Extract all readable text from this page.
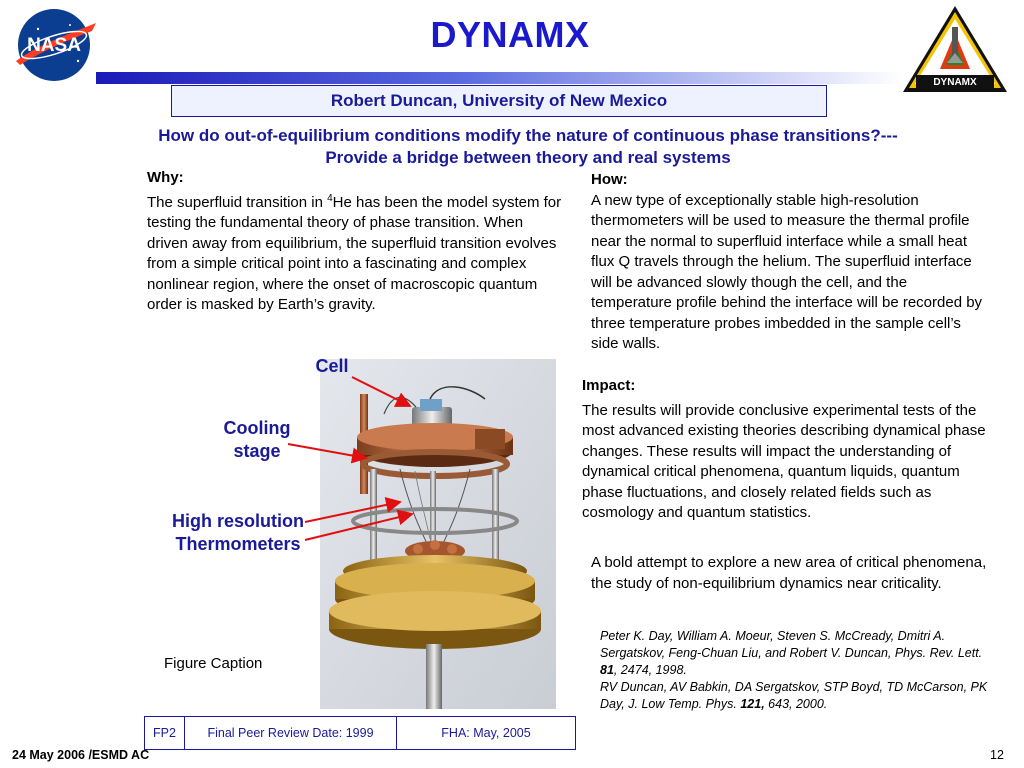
NASA
DYNAMX
DYNAMX
Robert Duncan, University of New Mexico
How do out-of-equilibrium conditions modify the nature of continuous phase transitions?--- Provide a bridge between theory and real systems
Why:
The superfluid transition in $^4$He has been the model system for testing the fundamental theory of phase transition. When driven away from equilibrium, the superfluid transition evolves from a simple critical point into a fascinating and complex nonlinear region, where the onset of macroscopic quantum order is masked by Earth’s gravity.
How:
A new type of exceptionally stable high-resolution thermometers will be used to measure the thermal profile near the normal to superfluid interface while a small heat flux Q travels through the helium. The superfluid interface will be advanced slowly though the cell, and the temperature profile behind the interface will be recorded by three temperature probes imbedded in the sample cell’s side walls.
Impact:
The results will provide conclusive experimental tests of the most advanced existing theories describing dynamical phase changes. These results will impact the understanding of dynamical critical phenomena, quantum liquids, quantum phase fluctuations, and closely related fields such as cosmology and quantum statistics.
A bold attempt to explore a new area of critical phenomena, the study of non-equilibrium dynamics near criticality.
Peter K. Day, William A. Moeur, Steven S. McCready, Dmitri A. Sergatskov, Feng-Chuan Liu, and Robert V. Duncan, Phys. Rev. Lett. 81, 2474, 1998.
RV Duncan, AV Babkin, DA Sergatskov, STP Boyd, TD McCarson, PK Day, J. Low Temp. Phys. 121, 643, 2000.
Cell
Cooling stage
High resolution Thermometers
Figure Caption
FP2	Final Peer Review Date: 1999	FHA: May, 2005
24 May 2006 /ESMD AC	12
